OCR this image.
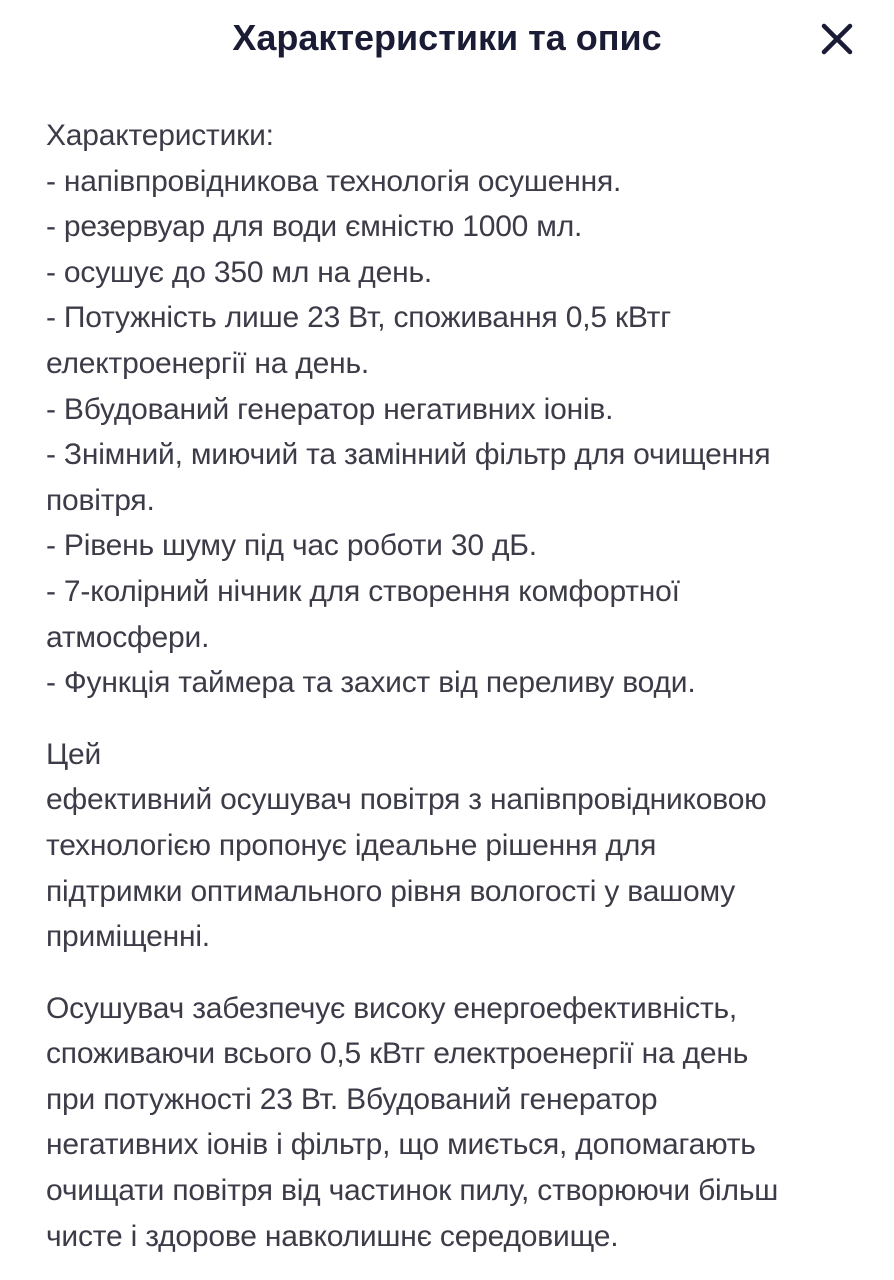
Характеристики та опис

Характеристики:
- напівпровідникова технологія осушення.
- резервуар для води ємністю 1000 мл.
- осушує до 350 мл на день.
- Потужність лише 23 Вт, споживання 0,5 кВтг
електроенергії на день.
- Вбудований генератор негативних іонів.
- Знімний, миючий та замінний фільтр для очищення
повітря.
- Рівень шуму під час роботи 30 дБ.
- 7-колірний нічник для створення комфортної
атмосфери.
- Функція таймера та захист від переливу води.

Цей
ефективний осушувач повітря з напівпровідниковою
технологією пропонує ідеальне рішення для
підтримки оптимального рівня вологості у вашому
приміщенні.

Осушувач забезпечує високу енергоефективність,
споживаючи всього 0,5 кВтг електроенергії на день
при потужності 23 Вт. Вбудований генератор
негативних іонів і фільтр, що миється, допомагають
очищати повітря від частинок пилу, створюючи більш
чисте і здорове навколишнє середовище.
